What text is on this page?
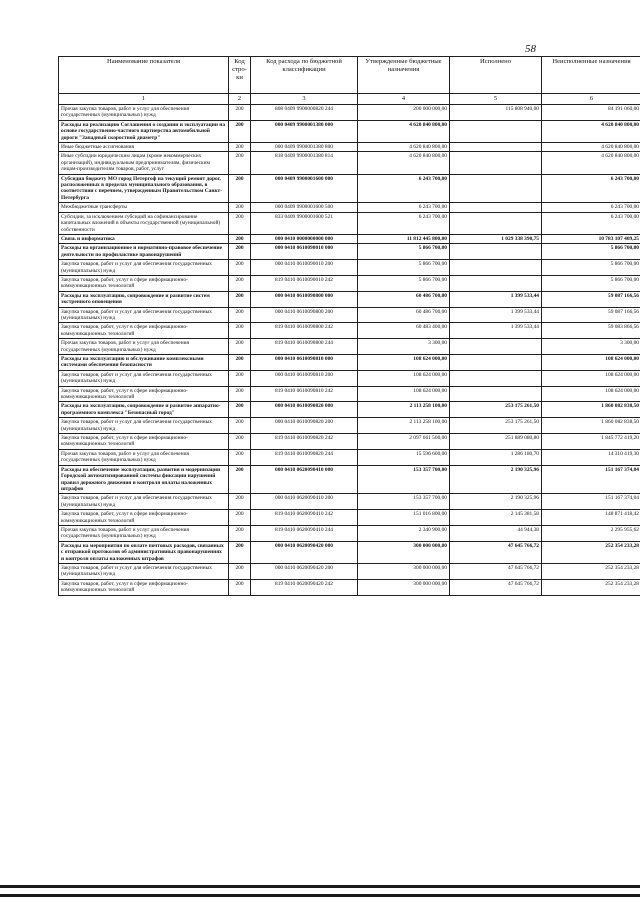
58
Наименование показателя	Код стро-ки	Код расхода по бюджетной классификации	Утвержденные бюджетные назначения	Исполнено	Неисполненные назначения
1	2	3	4	5	6
Прочая закупка товаров, работ и услуг для обеспечения государственных (муниципальных) нужд	200	808 0409 9900000820 244	200 000 000,00	115 808 940,00	84 191 060,00
Расходы на реализацию Соглашения о создании и эксплуатации на основе государственно-частного партнерства автомобильной дороги "Западный скоростной диаметр"	200	000 0409 9900001380 000	4 620 840 800,00		4 620 840 800,00
Иные бюджетные ассигнования	200	000 0409 9900001380 800	4 620 840 800,00		4 620 840 800,00
Иные субсидии юридическим лицам (кроме некоммерческих организаций), индивидуальным предпринимателям, физическим лицам-производителям товаров, работ, услуг	200	818 0409 9900001380 814	4 620 840 800,00		4 620 840 800,00
Субсидия бюджету МО город Петергоф на текущий ремонт дорог, расположенных в пределах муниципального образования, в соответствии с перечнем, утвержденным Правительством Санкт-Петербурга	200	000 0409 9900001600 000	6 243 700,00		6 243 700,00
Межбюджетные трансферты	200	000 0409 9900001600 500	6 243 700,00		6 243 700,00
Субсидии, за исключением субсидий на софинансирование капитальных вложений в объекты государственной (муниципальной) собственности	200	833 0409 9900001600 521	6 243 700,00		6 243 700,00
Связь и информатика	200	000 0410 0000000000 000	11 812 445 800,00	1 029 338 390,75	10 783 107 409,25
Расходы на организационное и нормативно-правовое обеспечение деятельности по профилактике правонарушений	200	000 0410 0610090010 000	5 866 700,00		5 866 700,00
Закупка товаров, работ и услуг для обеспечения государственных (муниципальных) нужд	200	000 0410 0610090010 200	5 866 700,00		5 866 700,00
Закупка товаров, работ, услуг в сфере информационно-коммуникационных технологий	200	819 0410 0610090010 242	5 866 700,00		5 866 700,00
Расходы на эксплуатацию, сопровождение и развитие систем экстренного оповещения	200	000 0410 0610090800 000	60 486 700,00	1 399 533,44	59 087 166,56
Закупка товаров, работ и услуг для обеспечения государственных (муниципальных) нужд	200	000 0410 0610090800 200	60 486 700,00	1 399 533,44	59 087 166,56
Закупка товаров, работ, услуг в сфере информационно-коммуникационных технологий	200	819 0410 0610090800 242	60 483 400,00	1 399 533,44	59 083 866,56
Прочая закупка товаров, работ и услуг для обеспечения государственных (муниципальных) нужд	200	819 0410 0610090800 244	3 300,00		3 300,00
Расходы на эксплуатацию и обслуживание комплексными системами обеспечения безопасности	200	000 0410 0610090810 000	108 624 000,00		108 624 000,00
Закупка товаров, работ и услуг для обеспечения государственных (муниципальных) нужд	200	000 0410 0610090810 200	108 624 000,00		108 624 000,00
Закупка товаров, работ, услуг в сфере информационно-коммуникационных технологий	200	819 0410 0610090810 242	108 624 000,00		108 624 000,00
Расходы на эксплуатацию, сопровождение и развитие аппаратно-программного комплекса "Безопасный город"	200	000 0410 0610090820 000	2 113 258 100,00	253 175 261,50	1 860 082 838,50
Закупка товаров, работ и услуг для обеспечения государственных (муниципальных) нужд	200	000 0410 0610090820 200	2 113 258 100,00	253 175 261,50	1 860 082 838,50
Закупка товаров, работ, услуг в сфере информационно-коммуникационных технологий	200	819 0410 0610090820 242	2 097 661 500,00	251 889 080,80	1 845 772 419,20
Прочая закупка товаров, работ и услуг для обеспечения государственных (муниципальных) нужд	200	819 0410 0610090820 244	15 596 600,00	1 286 180,70	14 310 419,30
Расходы на обеспечение эксплуатации, развития и модернизации Городской автоматизированной системы фиксации нарушений правил дорожного движения и контроля оплаты наложенных штрафов	200	000 0410 0620090410 000	153 357 700,00	2 190 325,96	151 167 374,04
Закупка товаров, работ и услуг для обеспечения государственных (муниципальных) нужд	200	000 0410 0620090410 200	153 357 700,00	2 190 325,96	151 167 374,04
Закупка товаров, работ, услуг в сфере информационно-коммуникационных технологий	200	819 0410 0620090410 242	151 016 800,00	2 145 381,58	148 871 418,42
Прочая закупка товаров, работ и услуг для обеспечения государственных (муниципальных) нужд	200	819 0410 0620090410 244	2 340 900,00	44 944,38	2 295 955,62
Расходы на мероприятия по оплате почтовых расходов, связанных с отправкой протоколов об административных правонарушениях и контроля оплаты наложенных штрафов	200	000 0410 0620090420 000	300 000 000,00	47 645 766,72	252 354 233,28
Закупка товаров, работ и услуг для обеспечения государственных (муниципальных) нужд	200	000 0410 0620090420 200	300 000 000,00	47 645 766,72	252 354 233,28
Закупка товаров, работ, услуг в сфере информационно-коммуникационных технологий	200	819 0410 0620090420 242	300 000 000,00	47 645 766,72	252 354 233,28
